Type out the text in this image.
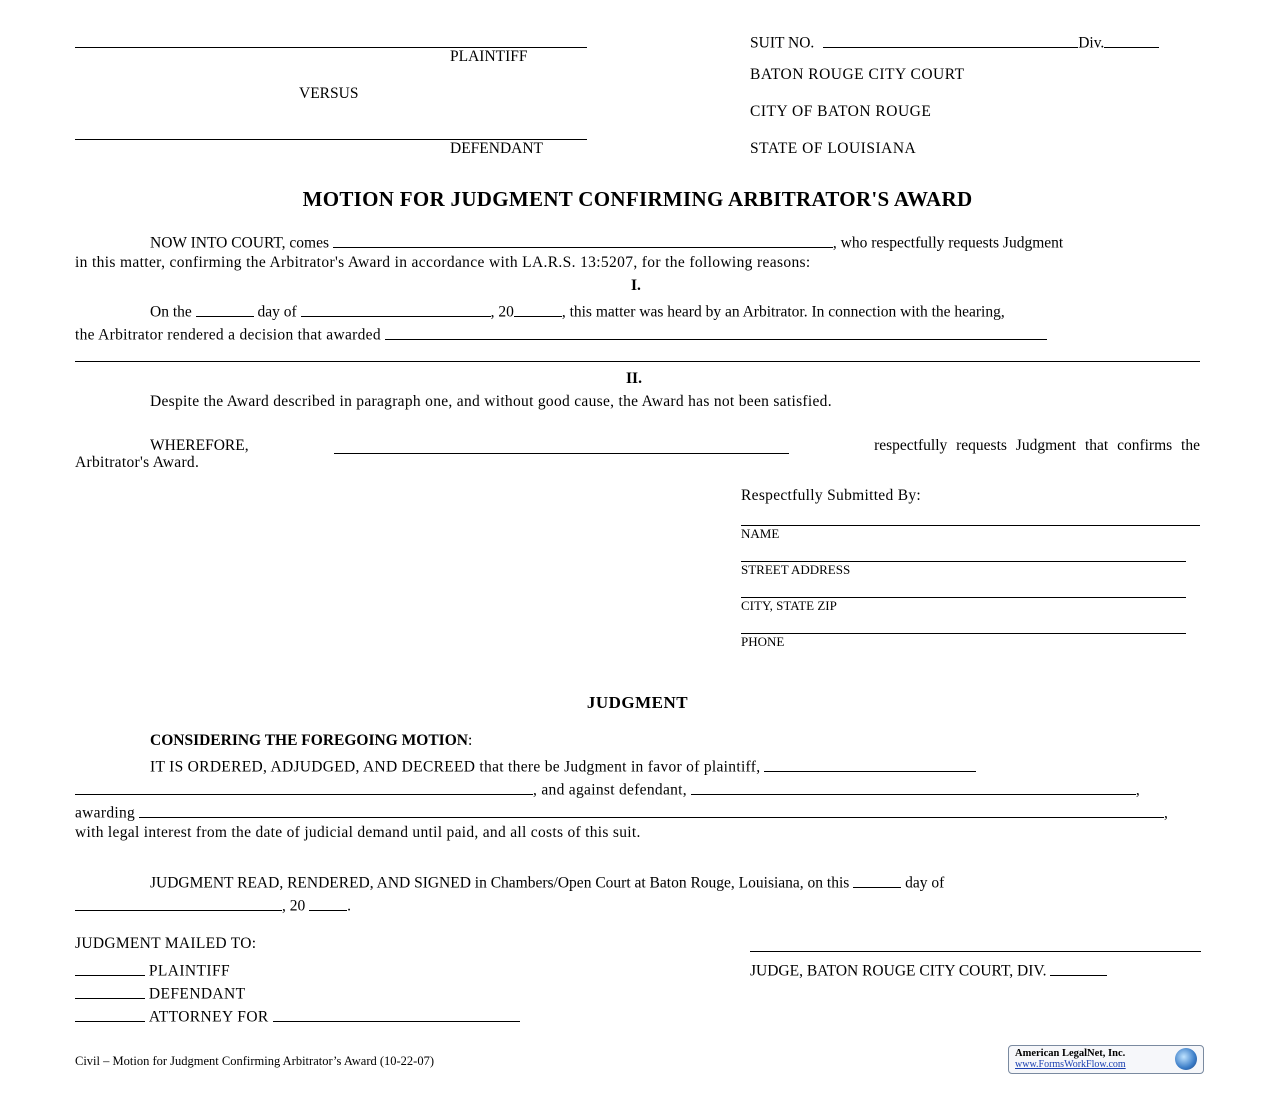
PLAINTIFF
VERSUS
DEFENDANT
SUIT NO.	Div.
BATON ROUGE CITY COURT
CITY OF BATON ROUGE
STATE OF LOUISIANA
MOTION FOR JUDGMENT CONFIRMING ARBITRATOR'S AWARD
NOW INTO COURT, comes	, who respectfully requests Judgment
in this matter, confirming the Arbitrator's Award in accordance with LA.R.S. 13:5207, for the following reasons:
I.
On the	day of	, 20	, this matter was heard by an Arbitrator. In connection with the hearing,
the Arbitrator rendered a decision that awarded
II.
Despite the Award described in paragraph one, and without good cause, the Award has not been satisfied.
WHEREFORE,	respectfully requests Judgment that confirms the
Arbitrator's Award.
Respectfully Submitted By:
NAME
STREET ADDRESS
CITY, STATE ZIP
PHONE
JUDGMENT
CONSIDERING THE FOREGOING MOTION:
IT IS ORDERED, ADJUDGED, AND DECREED that there be Judgment in favor of plaintiff,
, and against defendant,	,
awarding	,
with legal interest from the date of judicial demand until paid, and all costs of this suit.
JUDGMENT READ, RENDERED, AND SIGNED in Chambers/Open Court at Baton Rouge, Louisiana, on this	day of
, 20	.
JUDGMENT MAILED TO:
PLAINTIFF
DEFENDANT
ATTORNEY FOR
JUDGE, BATON ROUGE CITY COURT, DIV.
Civil – Motion for Judgment Confirming Arbitrator’s Award (10-22-07)
American LegalNet, Inc.
www.FormsWorkFlow.com
